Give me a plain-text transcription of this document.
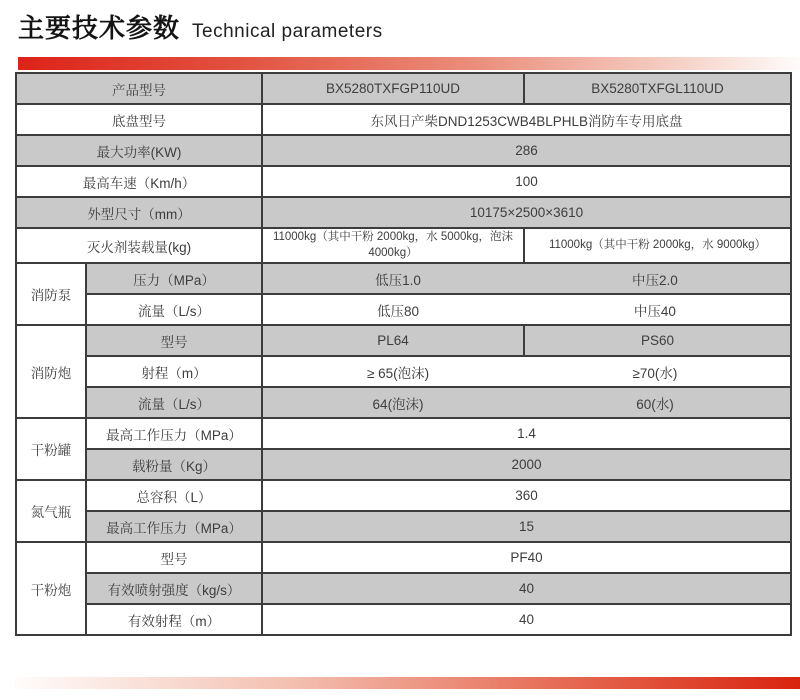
主要技术参数 Technical parameters
产品型号		BX5280TXFGP110UD	BX5280TXFGL110UD
底盘型号		东风日产柴DND1253CWB4BLPHLB消防车专用底盘	
最大功率(KW)		286	
最高车速（Km/h）		100	
外型尺寸（mm）		10175×2500×3610	
灭火剂装载量(kg)		11000kg（其中干粉 2000kg，水 5000kg，泡沫 4000kg）	11000kg（其中干粉 2000kg，水 9000kg）
消防泵	压力（MPa）	低压1.0 中压2.0	
	流量（L/s）	低压80 中压40	
消防炮	型号	PL64	PS60
	射程（m）	≥ 65(泡沫) ≥70(水)	
	流量（L/s）	64(泡沫) 60(水)	
干粉罐	最高工作压力（MPa）	1.4	
	载粉量（Kg）	2000	
氮气瓶	总容积（L）	360	
	最高工作压力（MPa）	15	
干粉炮	型号	PF40	
	有效喷射强度（kg/s）	40	
	有效射程（m）	40	
